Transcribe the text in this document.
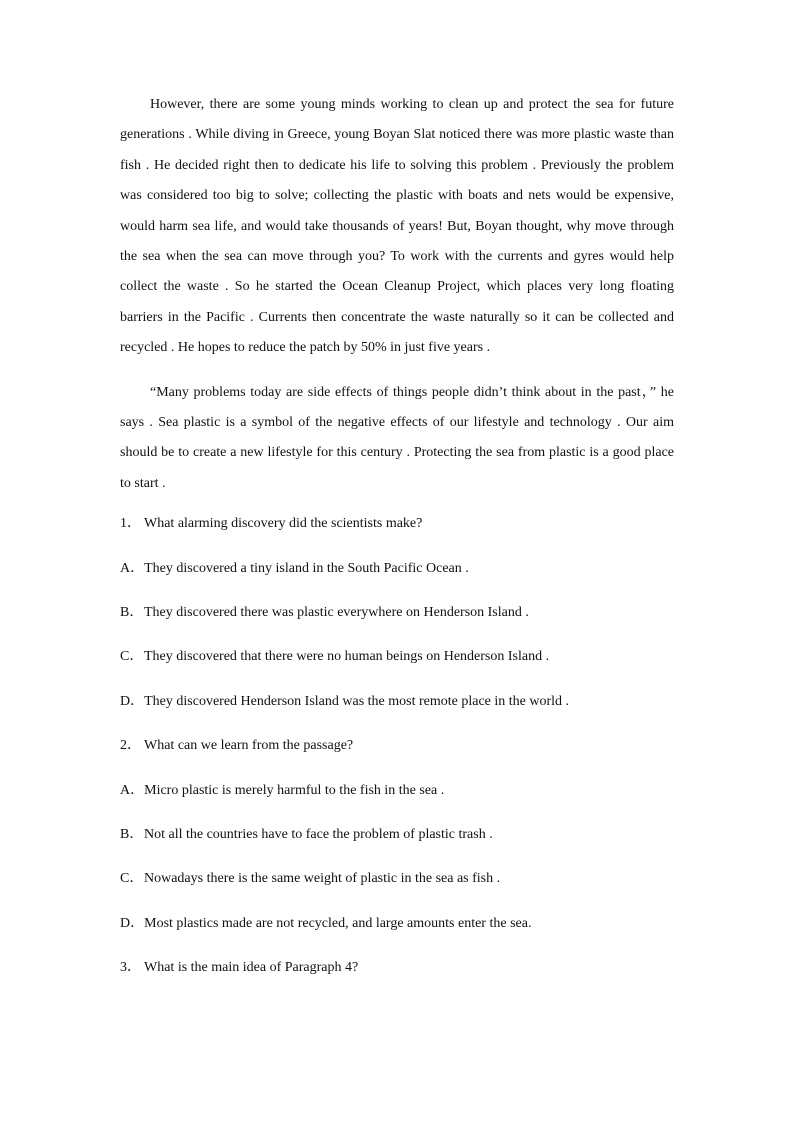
However, there are some young minds working to clean up and protect the sea for future generations . While diving in Greece, young Boyan Slat noticed there was more plastic waste than fish . He decided right then to dedicate his life to solving this problem . Previously the problem was considered too big to solve; collecting the plastic with boats and nets would be expensive, would harm sea life, and would take thousands of years! But, Boyan thought, why move through the sea when the sea can move through you? To work with the currents and gyres would help collect the waste . So he started the Ocean Cleanup Project, which places very long floating barriers in the Pacific . Currents then concentrate the waste naturally so it can be collected and recycled . He hopes to reduce the patch by 50% in just five years .

“Many problems today are side effects of things people didn’t think about in the past，” he says . Sea plastic is a symbol of the negative effects of our lifestyle and technology . Our aim should be to create a new lifestyle for this century . Protecting the sea from plastic is a good place to start .

1． What alarming discovery did the scientists make?

A．They discovered a tiny island in the South Pacific Ocean .

B．They discovered there was plastic everywhere on Henderson Island .

C．They discovered that there were no human beings on Henderson Island .

D．They discovered Henderson Island was the most remote place in the world .

2． What can we learn from the passage?

A．Micro plastic is merely harmful to the fish in the sea .

B．Not all the countries have to face the problem of plastic trash .

C．Nowadays there is the same weight of plastic in the sea as fish .

D．Most plastics made are not recycled, and large amounts enter the sea.

3． What is the main idea of Paragraph 4?
